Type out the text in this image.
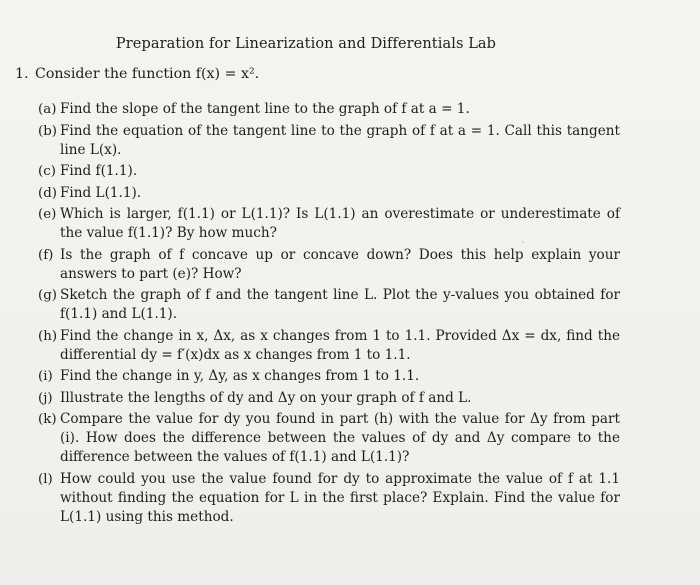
Preparation for Linearization and Differentials Lab
1. Consider the function f(x) = x².
(a) Find the slope of the tangent line to the graph of f at a = 1.
(b) Find the equation of the tangent line to the graph of f at a = 1. Call this tangent line L(x).
(c) Find f(1.1).
(d) Find L(1.1).
(e) Which is larger, f(1.1) or L(1.1)? Is L(1.1) an overestimate or underestimate of the value f(1.1)? By how much?
(f) Is the graph of f concave up or concave down? Does this help explain your answers to part (e)? How?
(g) Sketch the graph of f and the tangent line L. Plot the y-values you obtained for f(1.1) and L(1.1).
(h) Find the change in x, Δx, as x changes from 1 to 1.1. Provided Δx = dx, find the differential dy = f′(x)dx as x changes from 1 to 1.1.
(i) Find the change in y, Δy, as x changes from 1 to 1.1.
(j) Illustrate the lengths of dy and Δy on your graph of f and L.
(k) Compare the value for dy you found in part (h) with the value for Δy from part (i). How does the difference between the values of dy and Δy compare to the difference between the values of f(1.1) and L(1.1)?
(l) How could you use the value found for dy to approximate the value of f at 1.1 without finding the equation for L in the first place? Explain. Find the value for L(1.1) using this method.
